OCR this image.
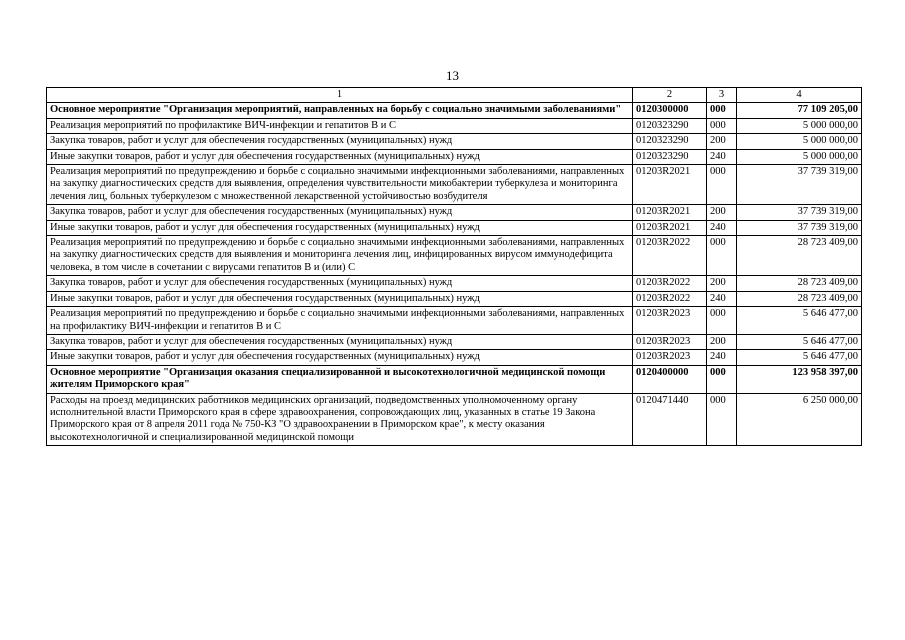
13
1	2	3	4
Основное мероприятие "Организация мероприятий, направленных на борьбу с социально значимыми заболеваниями"	0120300000	000	77 109 205,00
Реализация мероприятий по профилактике ВИЧ-инфекции и гепатитов В и С	0120323290	000	5 000 000,00
Закупка товаров, работ и услуг для обеспечения государственных (муниципальных) нужд	0120323290	200	5 000 000,00
Иные закупки товаров, работ и услуг для обеспечения государственных (муниципальных) нужд	0120323290	240	5 000 000,00
Реализация мероприятий по предупреждению и борьбе с социально значимыми инфекционными заболеваниями, направленных на закупку диагностических средств для выявления, определения чувствительности микобактерии туберкулеза и мониторинга лечения лиц, больных туберкулезом с множественной лекарственной устойчивостью возбудителя	01203R2021	000	37 739 319,00
Закупка товаров, работ и услуг для обеспечения государственных (муниципальных) нужд	01203R2021	200	37 739 319,00
Иные закупки товаров, работ и услуг для обеспечения государственных (муниципальных) нужд	01203R2021	240	37 739 319,00
Реализация мероприятий по предупреждению и борьбе с социально значимыми инфекционными заболеваниями, направленных на закупку диагностических средств для выявления и мониторинга лечения лиц, инфицированных вирусом иммунодефицита человека, в том числе в сочетании с вирусами гепатитов В и (или) С	01203R2022	000	28 723 409,00
Закупка товаров, работ и услуг для обеспечения государственных (муниципальных) нужд	01203R2022	200	28 723 409,00
Иные закупки товаров, работ и услуг для обеспечения государственных (муниципальных) нужд	01203R2022	240	28 723 409,00
Реализация мероприятий по предупреждению и борьбе с социально значимыми инфекционными заболеваниями, направленных на профилактику ВИЧ-инфекции и гепатитов В и С	01203R2023	000	5 646 477,00
Закупка товаров, работ и услуг для обеспечения государственных (муниципальных) нужд	01203R2023	200	5 646 477,00
Иные закупки товаров, работ и услуг для обеспечения государственных (муниципальных) нужд	01203R2023	240	5 646 477,00
Основное мероприятие "Организация оказания специализированной и высокотехнологичной медицинской помощи жителям Приморского края"	0120400000	000	123 958 397,00
Расходы на проезд медицинских работников медицинских организаций, подведомственных уполномоченному органу исполнительной власти Приморского края в сфере здравоохранения, сопровождающих лиц, указанных в статье 19 Закона Приморского края от 8 апреля 2011 года № 750-КЗ "О здравоохранении в Приморском крае", к месту оказания высокотехнологичной и специализированной медицинской помощи	0120471440	000	6 250 000,00
